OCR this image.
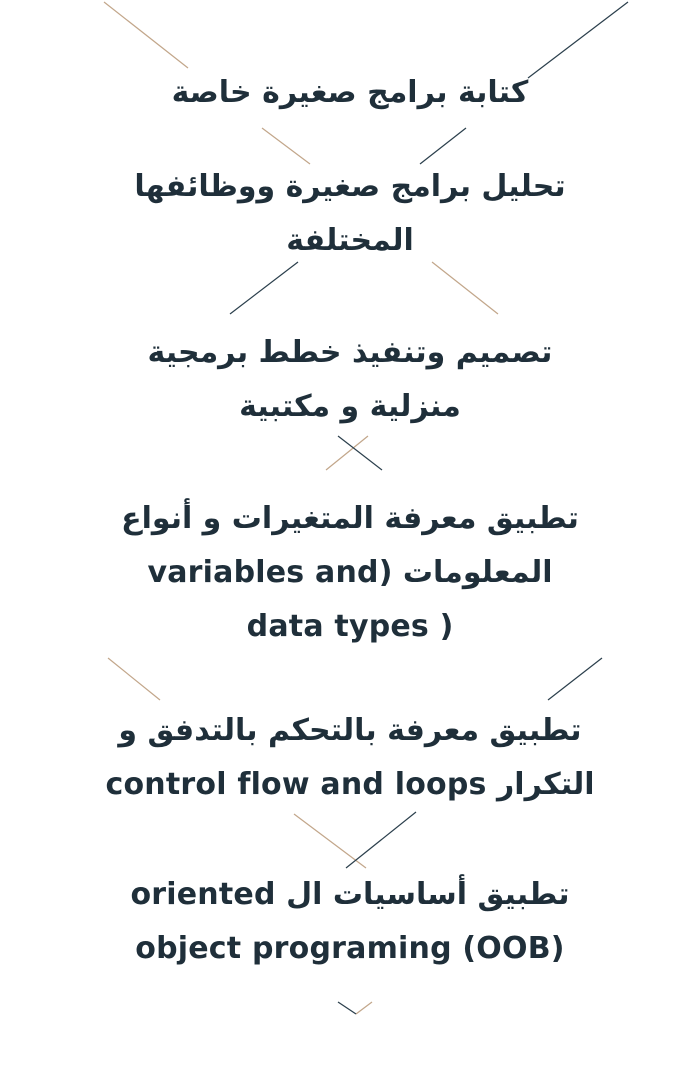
كتابة برامج صغيرة خاصة
تحليل برامج صغيرة ووظائفها
المختلفة
تصميم وتنفيذ خطط برمجية
منزلية و مكتبية
تطبيق معرفة المتغيرات و أنواع
المعلومات (variables and
data types )
تطبيق معرفة بالتحكم بالتدفق و
التكرار control flow and loops
تطبيق أساسيات ال oriented
object programing (OOB)
